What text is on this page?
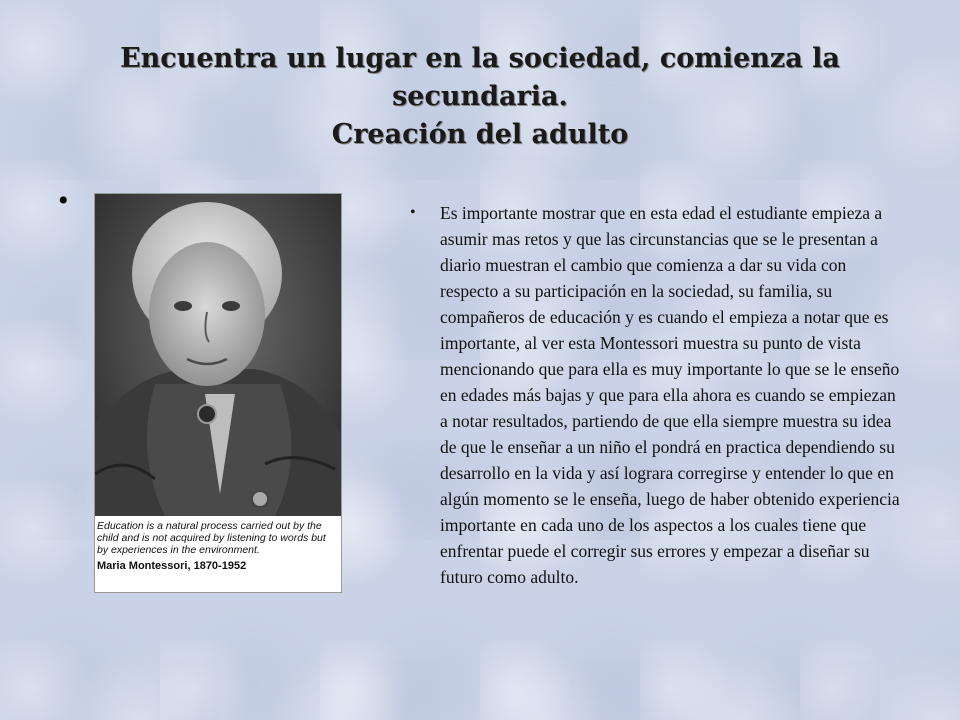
Encuentra un lugar en la sociedad, comienza la
secundaria.
Creación del adulto
•

Education is a natural process carried out by the child and is not acquired by listening to words but by experiences in the environment.

Maria Montessori, 1870-1952

• Es importante mostrar que en esta edad el estudiante empieza a asumir mas retos y que las circunstancias que se le presentan a diario muestran el cambio que comienza a dar su vida con respecto a su participación en la sociedad, su familia, su compañeros de educación y es cuando el empieza a notar que es importante, al ver esta Montessori muestra su punto de vista mencionando que para ella es muy importante lo que se le enseño en edades más bajas y que para ella ahora es cuando se empiezan a notar resultados, partiendo de que ella siempre muestra su idea de que le enseñar a un niño el pondrá en practica dependiendo su desarrollo en la vida y así lograra corregirse y entender lo que en algún momento se le enseña, luego de haber obtenido experiencia importante en cada uno de los aspectos a los cuales tiene que enfrentar puede el corregir sus errores y empezar a diseñar su futuro como adulto.
